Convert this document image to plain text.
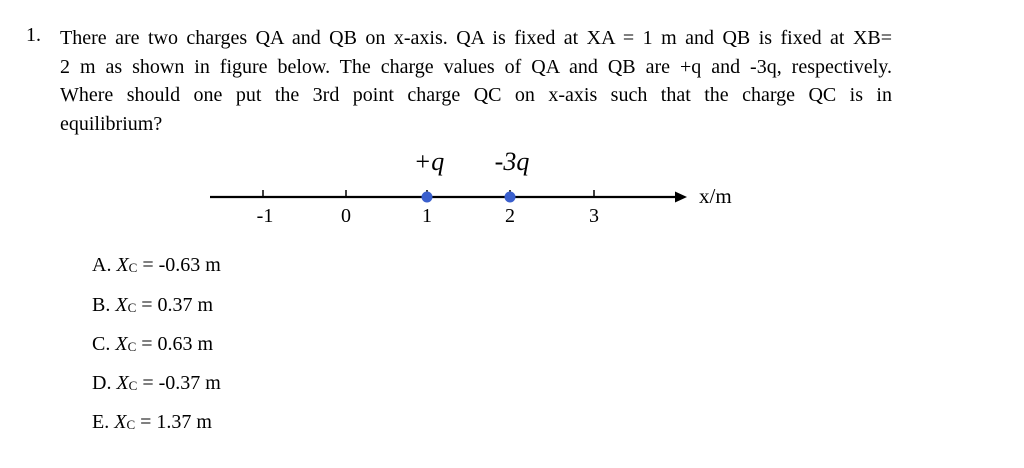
1. There are two charges QA and QB on x-axis. QA is fixed at XA = 1 m and QB is fixed at XB=
2 m as shown in figure below. The charge values of QA and QB are +q and -3q, respectively.
Where should one put the 3rd point charge QC on x-axis such that the charge QC is in
equilibrium?
-1	0	1	2	3
+q -3q
x/m
A. $X_C = -0.63$ m
B. $X_C = 0.37$ m
C. $X_C = 0.63$ m
D. $X_C = -0.37$ m
E. $X_C = 1.37$ m
